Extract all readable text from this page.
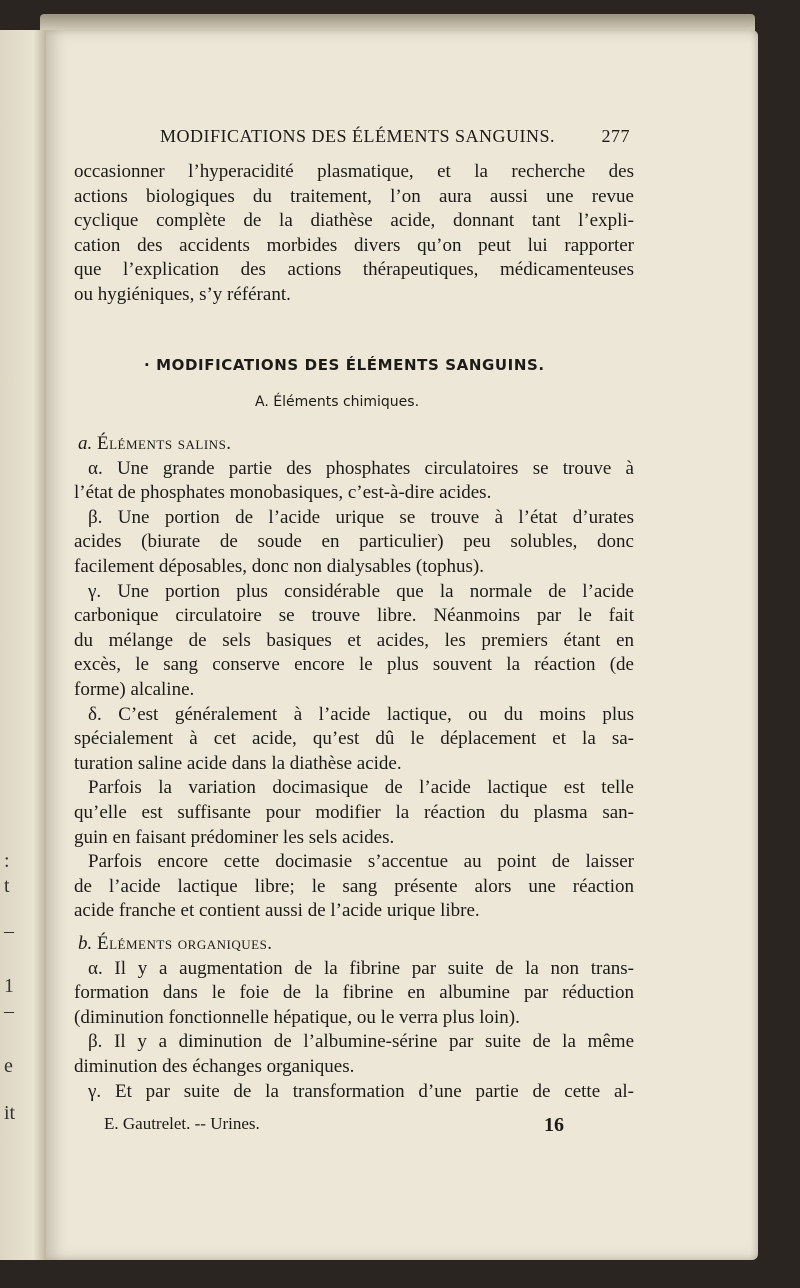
:
t
–
1
–
e
it
MODIFICATIONS DES ÉLÉMENTS SANGUINS.	277
occasionner l’hyperacidité plasmatique, et la recherche des
actions biologiques du traitement, l’on aura aussi une revue
cyclique complète de la diathèse acide, donnant tant l’expli-
cation des accidents morbides divers qu’on peut lui rapporter
que l’explication des actions thérapeutiques, médicamenteuses
ou hygiéniques, s’y référant.
· MODIFICATIONS DES ÉLÉMENTS SANGUINS.
A. Éléments chimiques.
a. Éléments salins.
α. Une grande partie des phosphates circulatoires se trouve à
l’état de phosphates monobasiques, c’est-à-dire acides.
β. Une portion de l’acide urique se trouve à l’état d’urates
acides (biurate de soude en particulier) peu solubles, donc
facilement déposables, donc non dialysables (tophus).
γ. Une portion plus considérable que la normale de l’acide
carbonique circulatoire se trouve libre. Néanmoins par le fait
du mélange de sels basiques et acides, les premiers étant en
excès, le sang conserve encore le plus souvent la réaction (de
forme) alcaline.
δ. C’est généralement à l’acide lactique, ou du moins plus
spécialement à cet acide, qu’est dû le déplacement et la sa-
turation saline acide dans la diathèse acide.
Parfois la variation docimasique de l’acide lactique est telle
qu’elle est suffisante pour modifier la réaction du plasma san-
guin en faisant prédominer les sels acides.
Parfois encore cette docimasie s’accentue au point de laisser
de l’acide lactique libre; le sang présente alors une réaction
acide franche et contient aussi de l’acide urique libre.
b. Éléments organiques.
α. Il y a augmentation de la fibrine par suite de la non trans-
formation dans le foie de la fibrine en albumine par réduction
(diminution fonctionnelle hépatique, ou le verra plus loin).
β. Il y a diminution de l’albumine-sérine par suite de la même
diminution des échanges organiques.
γ. Et par suite de la transformation d’une partie de cette al-
E. Gautrelet. -- Urines.	16
